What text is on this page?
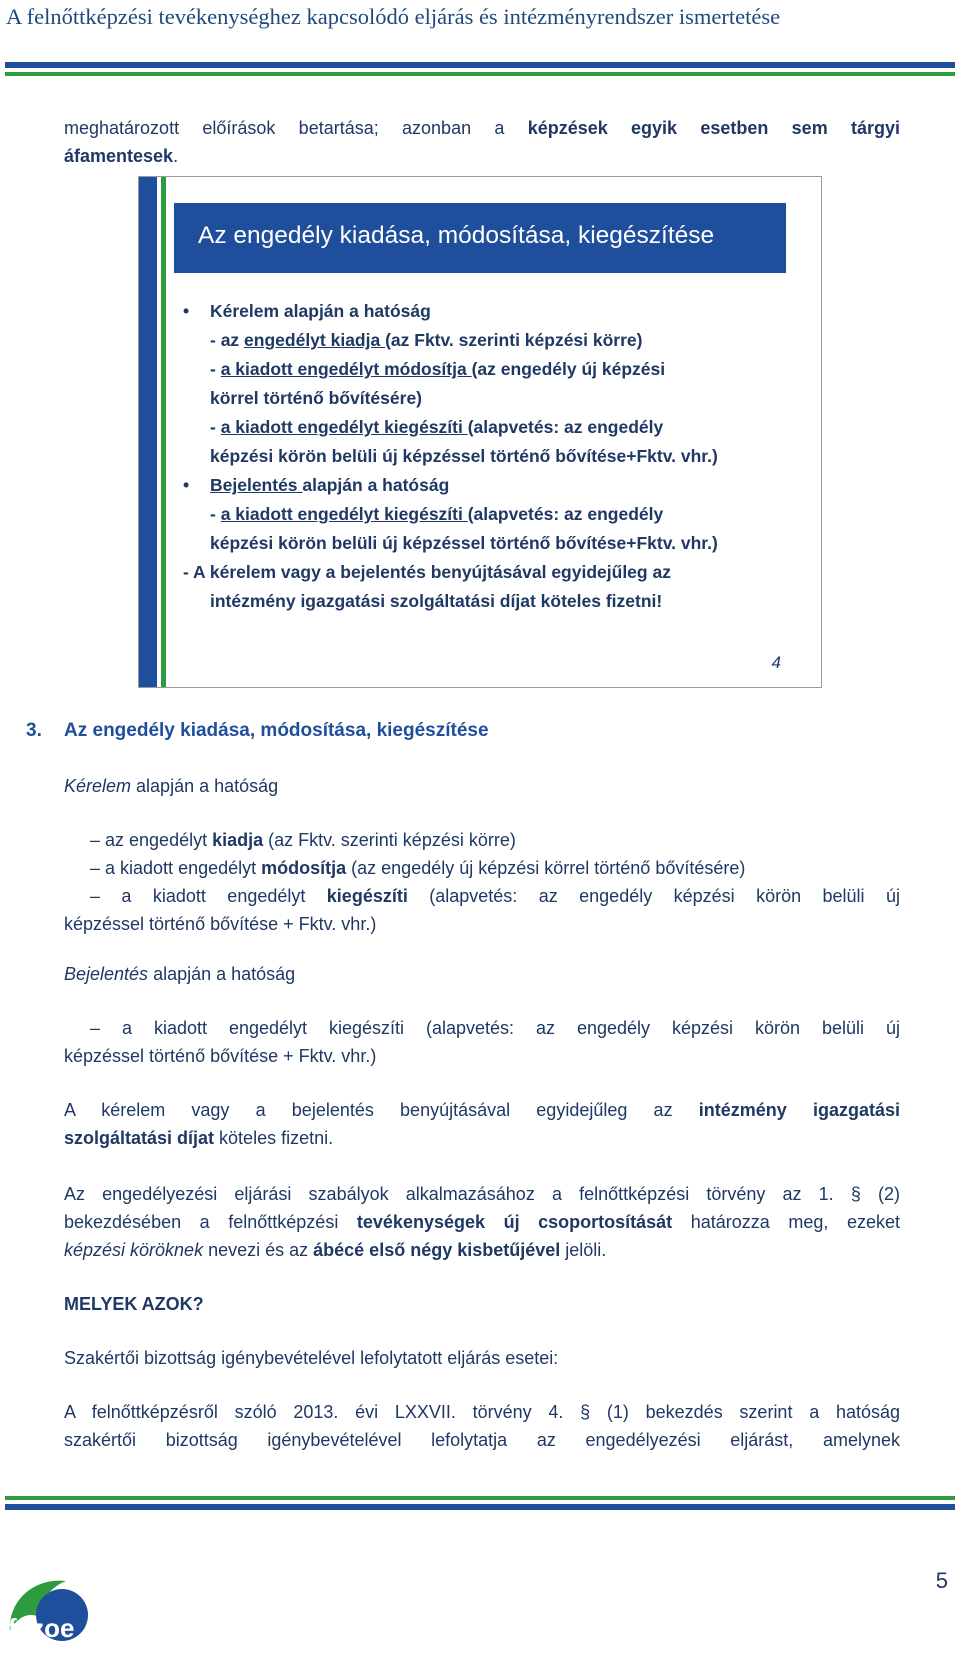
A felnőttképzési tevékenységhez kapcsolódó eljárás és intézményrendszer ismertetése
meghatározott előírások betartása; azonban a képzések egyik esetben sem tárgyi
áfamentesek.
Az engedély kiadása, módosítása, kiegészítése
• Kérelem alapján a hatóság
- az engedélyt kiadja (az Fktv. szerinti képzési körre)
- a kiadott engedélyt módosítja (az engedély új képzési
körrel történő bővítésére)
- a kiadott engedélyt kiegészíti (alapvetés: az engedély
képzési körön belüli új képzéssel történő bővítése+Fktv. vhr.)
• Bejelentés alapján a hatóság
- a kiadott engedélyt kiegészíti (alapvetés: az engedély
képzési körön belüli új képzéssel történő bővítése+Fktv. vhr.)
- A kérelem vagy a bejelentés benyújtásával egyidejűleg az
intézmény igazgatási szolgáltatási díjat köteles fizetni!
4
3. Az engedély kiadása, módosítása, kiegészítése
Kérelem alapján a hatóság
– az engedélyt kiadja (az Fktv. szerinti képzési körre)
– a kiadott engedélyt módosítja (az engedély új képzési körrel történő bővítésére)
– a kiadott engedélyt kiegészíti (alapvetés: az engedély képzési körön belüli új
képzéssel történő bővítése + Fktv. vhr.)
Bejelentés alapján a hatóság
– a kiadott engedélyt kiegészíti (alapvetés: az engedély képzési körön belüli új
képzéssel történő bővítése + Fktv. vhr.)
A kérelem vagy a bejelentés benyújtásával egyidejűleg az intézmény igazgatási
szolgáltatási díjat köteles fizetni.
Az engedélyezési eljárási szabályok alkalmazásához a felnőttképzési törvény az 1. § (2)
bekezdésében a felnőttképzési tevékenységek új csoportosítását határozza meg, ezeket
képzési köröknek nevezi és az ábécé első négy kisbetűjével jelöli.
MELYEK AZOK?
Szakértői bizottság igénybevételével lefolytatott eljárás esetei:
A felnőttképzésről szóló 2013. évi LXXVII. törvény 4. § (1) bekezdés szerint a hatóság
szakértői bizottság igénybevételével lefolytatja az engedélyezési eljárást, amelynek
fszoe
5
